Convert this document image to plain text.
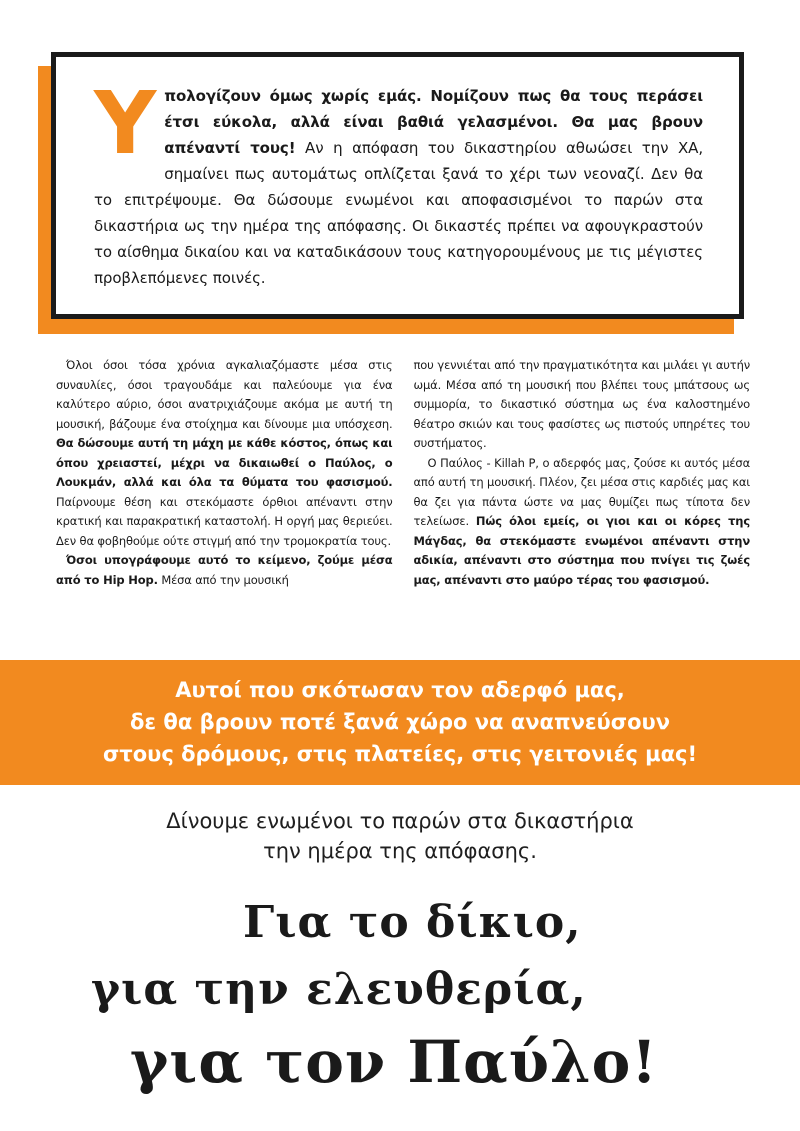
Υ πολογίζουν όμως χωρίς εμάς. Νομίζουν πως θα τους περάσει έτσι εύκολα, αλλά είναι βαθιά γελασμένοι. Θα μας βρουν απέναντί τους! Αν η απόφαση του δικαστηρίου αθωώσει την ΧΑ, σημαίνει πως αυτομάτως οπλίζεται ξανά το χέρι των νεοναζί. Δεν θα το επιτρέψουμε. Θα δώσουμε ενωμένοι και αποφασισμένοι το παρών στα δικαστήρια ως την ημέρα της απόφασης. Οι δικαστές πρέπει να αφουγκραστούν το αίσθημα δικαίου και να καταδικάσουν τους κατηγορουμένους με τις μέγιστες προβλεπόμενες ποινές.

Όλοι όσοι τόσα χρόνια αγκαλιαζόμαστε μέσα στις συναυλίες, όσοι τραγουδάμε και παλεύουμε για ένα καλύτερο αύριο, όσοι ανατριχιάζουμε ακόμα με αυτή τη μουσική, βάζουμε ένα στοίχημα και δίνουμε μια υπόσχεση. Θα δώσουμε αυτή τη μάχη με κάθε κόστος, όπως και όπου χρειαστεί, μέχρι να δικαιωθεί ο Παύλος, ο Λουκμάν, αλλά και όλα τα θύματα του φασισμού. Παίρνουμε θέση και στεκόμαστε όρθιοι απέναντι στην κρατική και παρακρατική καταστολή. Η οργή μας θεριεύει. Δεν θα φοβηθούμε ούτε στιγμή από την τρομοκρατία τους.

Όσοι υπογράφουμε αυτό το κείμενο, ζούμε μέσα από το Hip Hop. Μέσα από την μουσική

που γεννιέται από την πραγματικότητα και μιλάει γι αυτήν ωμά. Μέσα από τη μουσική που βλέπει τους μπάτσους ως συμμορία, το δικαστικό σύστημα ως ένα καλοστημένο θέατρο σκιών και τους φασίστες ως πιστούς υπηρέτες του συστήματος.

Ο Παύλος - Killah P, ο αδερφός μας, ζούσε κι αυτός μέσα από αυτή τη μουσική. Πλέον, ζει μέσα στις καρδιές μας και θα ζει για πάντα ώστε να μας θυμίζει πως τίποτα δεν τελείωσε. Πώς όλοι εμείς, οι γιοι και οι κόρες της Μάγδας, θα στεκόμαστε ενωμένοι απέναντι στην αδικία, απέναντι στο σύστημα που πνίγει τις ζωές μας, απέναντι στο μαύρο τέρας του φασισμού.

Αυτοί που σκότωσαν τον αδερφό μας,
δε θα βρουν ποτέ ξανά χώρο να αναπνεύσουν
στους δρόμους, στις πλατείες, στις γειτονιές μας!
Δίνουμε ενωμένοι το παρών στα δικαστήρια
την ημέρα της απόφασης.
Για το δίκιο,
για την ελευθερία,
για τον Παύλο!
